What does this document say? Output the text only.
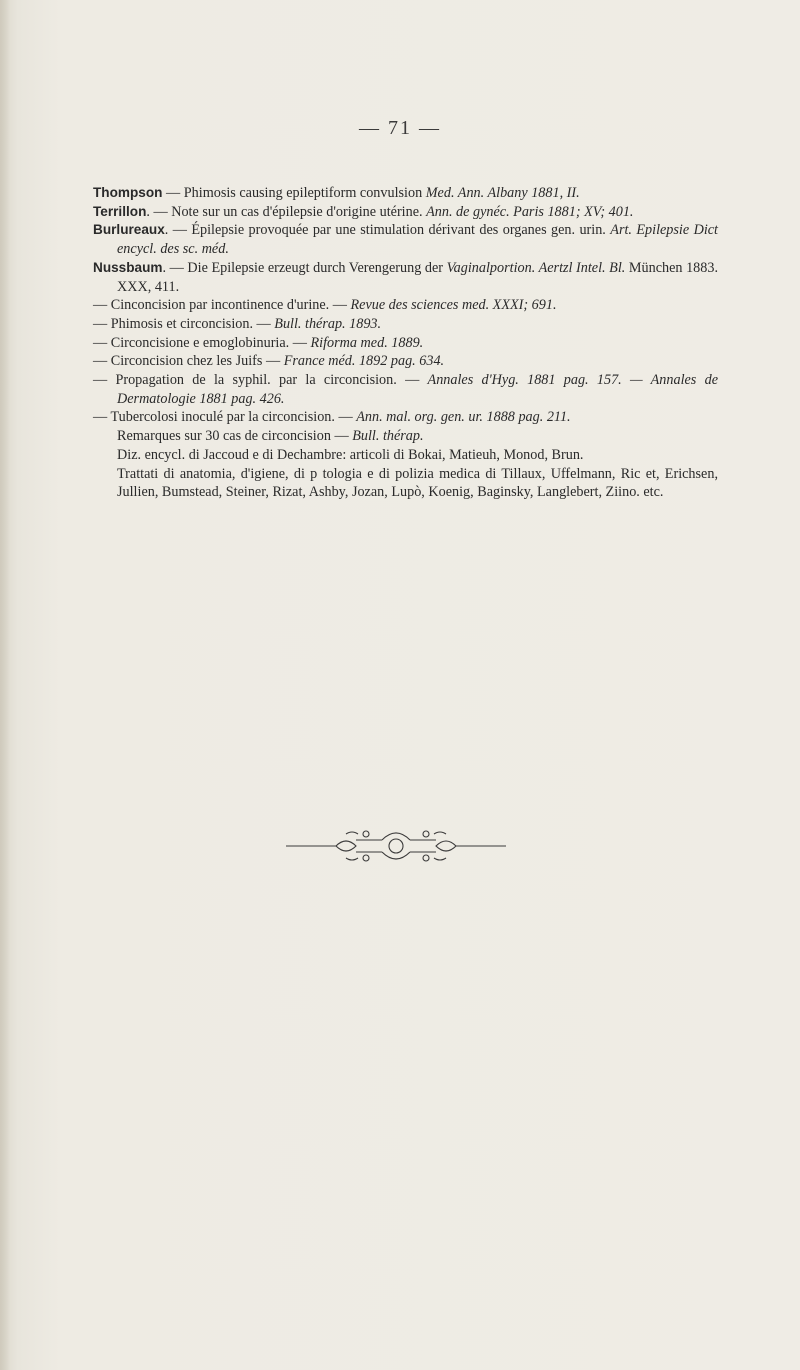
— 71 —
Thompson — Phimosis causing epileptiform convulsion Med. Ann. Albany 1881, II.
Terrillon. — Note sur un cas d'épilepsie d'origine utérine. Ann. de gynéc. Paris 1881; XV; 401.
Burlureaux. — Épilepsie provoquée par une stimulation dérivant des organes gen. urin. Art. Epilepsie Dict encycl. des sc. méd.
Nussbaum. — Die Epilepsie erzeugt durch Verengerung der Vaginalportion. Aertzl Intel. Bl. München 1883. XXX, 411.
— Cinconcision par incontinence d'urine. — Revue des sciences med. XXXI; 691.
— Phimosis et circoncision. — Bull. thérap. 1893.
— Circoncisione e emoglobinuria. — Riforma med. 1889.
— Circoncision chez les Juifs — France méd. 1892 pag. 634.
— Propagation de la syphil. par la circoncision. — Annales d'Hyg. 1881 pag. 157. — Annales de Dermatologie 1881 pag. 426.
— Tubercolosi inoculé par la circoncision. — Ann. mal. org. gen. ur. 1888 pag. 211.
Remarques sur 30 cas de circoncision — Bull. thérap.
Diz. encycl. di Jaccoud e di Dechambre: articoli di Bokai, Matieuh, Monod, Brun.
Trattati di anatomia, d'igiene, di p tologia e di polizia medica di Tillaux, Uffelmann, Ric et, Erichsen, Jullien, Bumstead, Steiner, Rizat, Ashby, Jozan, Lupò, Koenig, Baginsky, Langlebert, Ziino. etc.
